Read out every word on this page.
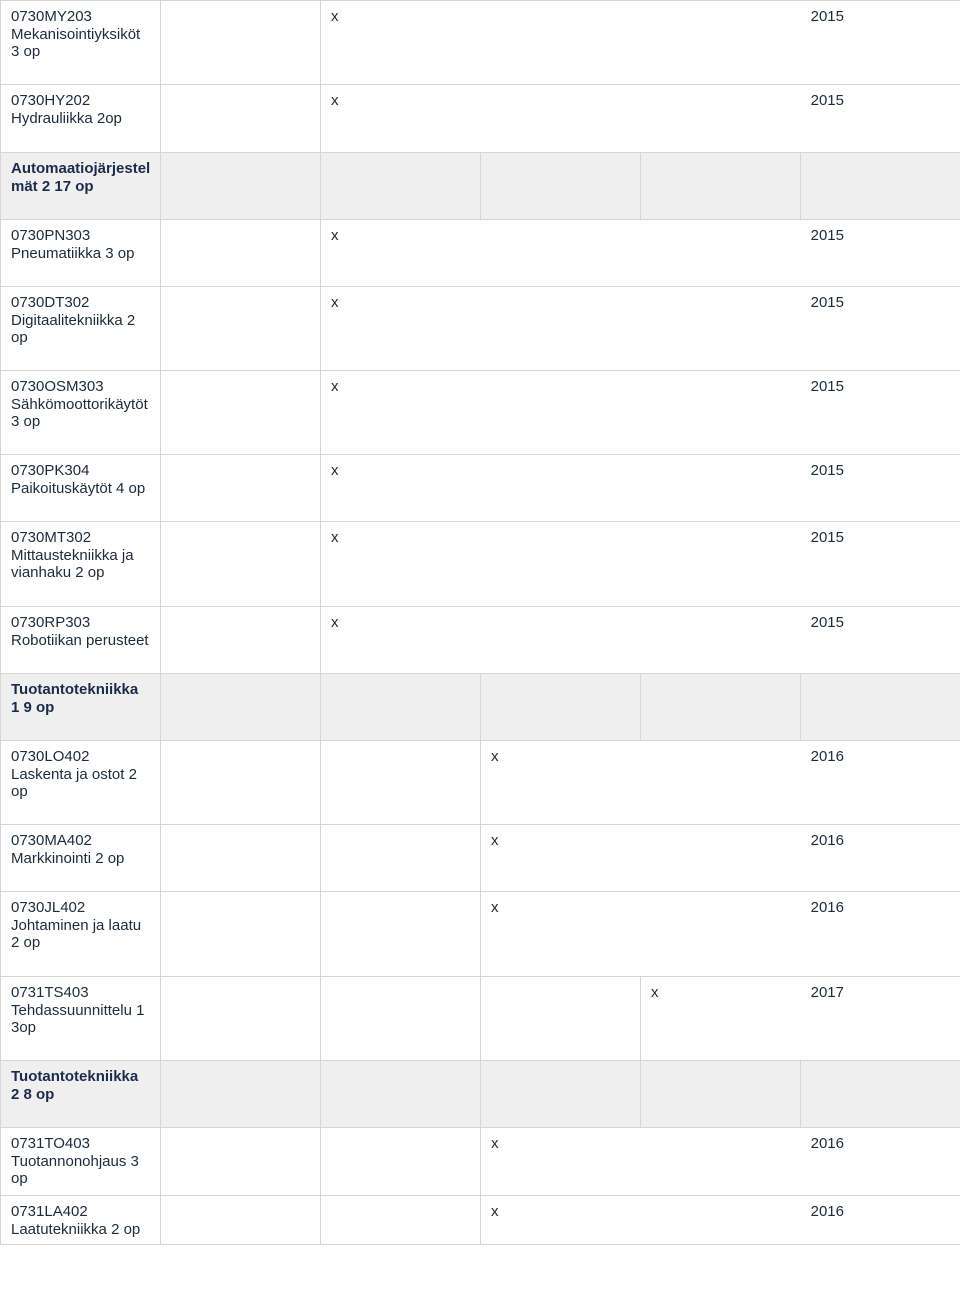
0730MY203
Mekanisointiyksiköt
3 op		x 2015			

0730HY202
Hydrauliikka 2op		x 2015			

Automaatiojärjestel
mät 2 17 op					

0730PN303
Pneumatiikka 3 op		x 2015			

0730DT302
Digitaalitekniikka 2
op		x 2015			

0730OSM303
Sähkömoottorikäytöt
3 op		x 2015			

0730PK304
Paikoituskäytöt 4 op		x 2015			

0730MT302
Mittaustekniikka ja
vianhaku 2 op		x 2015			

0730RP303
Robotiikan perusteet		x 2015			

Tuotantotekniikka
1 9 op					

0730LO402
Laskenta ja ostot 2
op			x 2016		

0730MA402
Markkinointi 2 op			x 2016		

0730JL402
Johtaminen ja laatu
2 op			x 2016		

0731TS403
Tehdassuunnittelu 1
3op				x 2017	

Tuotantotekniikka
2 8 op					

0731TO403
Tuotannonohjaus 3
op			x 2016		

0731LA402
Laatutekniikka 2 op			x 2016		
